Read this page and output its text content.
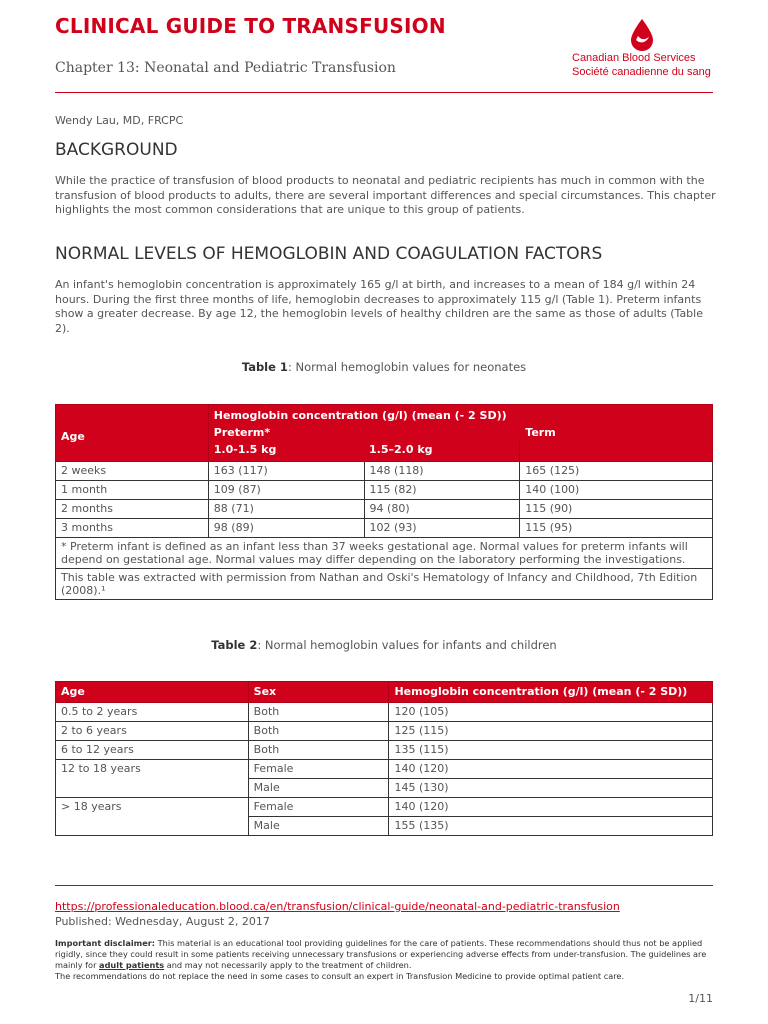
CLINICAL GUIDE TO TRANSFUSION
Chapter 13: Neonatal and Pediatric Transfusion
Canadian Blood Services
Société canadienne du sang
Wendy Lau, MD, FRCPC
BACKGROUND
While the practice of transfusion of blood products to neonatal and pediatric recipients has much in common with the transfusion of blood products to adults, there are several important differences and special circumstances. This chapter highlights the most common considerations that are unique to this group of patients.
NORMAL LEVELS OF HEMOGLOBIN AND COAGULATION FACTORS
An infant's hemoglobin concentration is approximately 165 g/l at birth, and increases to a mean of 184 g/l within 24 hours. During the first three months of life, hemoglobin decreases to approximately 115 g/l (Table 1). Preterm infants show a greater decrease. By age 12, the hemoglobin levels of healthy children are the same as those of adults (Table 2).
Table 1: Normal hemoglobin values for neonates
Age	Hemoglobin concentration (g/l) (mean (- 2 SD))		
	Preterm*		Term
	1.0-1.5 kg	1.5–2.0 kg	
2 weeks	163 (117)	148 (118)	165 (125)
1 month	109 (87)	115 (82)	140 (100)
2 months	88 (71)	94 (80)	115 (90)
3 months	98 (89)	102 (93)	115 (95)
* Preterm infant is defined as an infant less than 37 weeks gestational age. Normal values for preterm infants will depend on gestational age. Normal values may differ depending on the laboratory performing the investigations.			
This table was extracted with permission from Nathan and Oski's Hematology of Infancy and Childhood, 7th Edition (2008).¹			
Table 2: Normal hemoglobin values for infants and children
Age	Sex	Hemoglobin concentration (g/l) (mean (- 2 SD))
0.5 to 2 years	Both	120 (105)
2 to 6 years	Both	125 (115)
6 to 12 years	Both	135 (115)
12 to 18 years	Female	140 (120)
	Male	145 (130)
> 18 years	Female	140 (120)
	Male	155 (135)
https://professionaleducation.blood.ca/en/transfusion/clinical-guide/neonatal-and-pediatric-transfusion
Published: Wednesday, August 2, 2017
Important disclaimer: This material is an educational tool providing guidelines for the care of patients. These recommendations should thus not be applied rigidly, since they could result in some patients receiving unnecessary transfusions or experiencing adverse effects from under-transfusion. The guidelines are mainly for adult patients and may not necessarily apply to the treatment of children.
The recommendations do not replace the need in some cases to consult an expert in Transfusion Medicine to provide optimal patient care.
1/11
